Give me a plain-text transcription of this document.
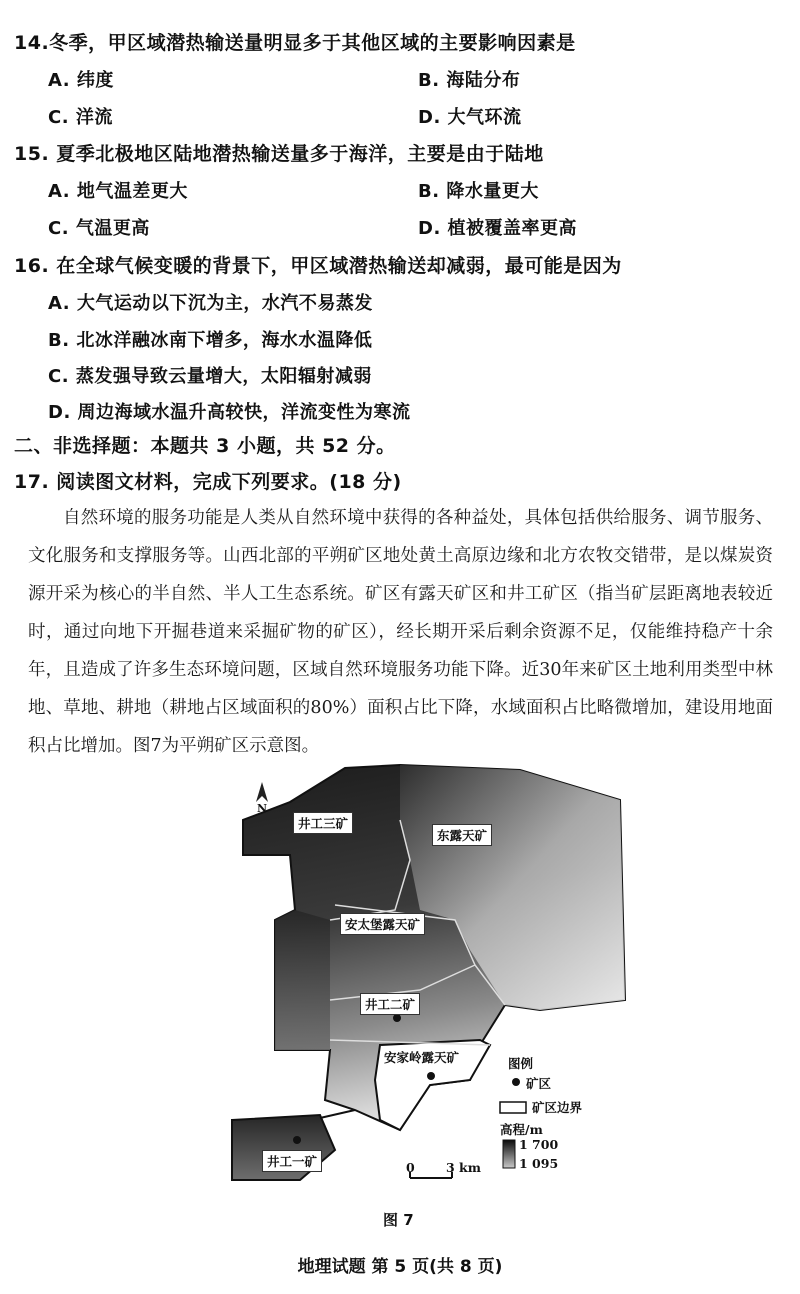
14.冬季，甲区域潜热输送量明显多于其他区域的主要影响因素是
A. 纬度	B. 海陆分布
C. 洋流	D. 大气环流
15. 夏季北极地区陆地潜热输送量多于海洋，主要是由于陆地
A. 地气温差更大	B. 降水量更大
C. 气温更高	D. 植被覆盖率更高
16. 在全球气候变暖的背景下，甲区域潜热输送却减弱，最可能是因为
A. 大气运动以下沉为主，水汽不易蒸发
B. 北冰洋融冰南下增多，海水水温降低
C. 蒸发强导致云量增大，太阳辐射减弱
D. 周边海域水温升高较快，洋流变性为寒流
二、非选择题：本题共 3 小题，共 52 分。
17. 阅读图文材料，完成下列要求。(18 分)

自然环境的服务功能是人类从自然环境中获得的各种益处，具体包括供给服务、调节服务、文化服务和支撑服务等。山西北部的平朔矿区地处黄土高原边缘和北方农牧交错带，是以煤炭资源开采为核心的半自然、半人工生态系统。矿区有露天矿区和井工矿区（指当矿层距离地表较近时，通过向地下开掘巷道来采掘矿物的矿区），经长期开采后剩余资源不足，仅能维持稳产十余年，且造成了许多生态环境问题，区域自然环境服务功能下降。近30年来矿区土地利用类型中林地、草地、耕地（耕地占区域面积的80%）面积占比下降，水域面积占比略微增加，建设用地面积占比增加。图7为平朔矿区示意图。

N
井工三矿
东露天矿
安太堡露天矿
井工二矿
安家岭露天矿
井工一矿
图例
矿区
矿区边界
高程/m
1 700
1 095
0	3 km
图 7
地理试题 第 5 页(共 8 页)
